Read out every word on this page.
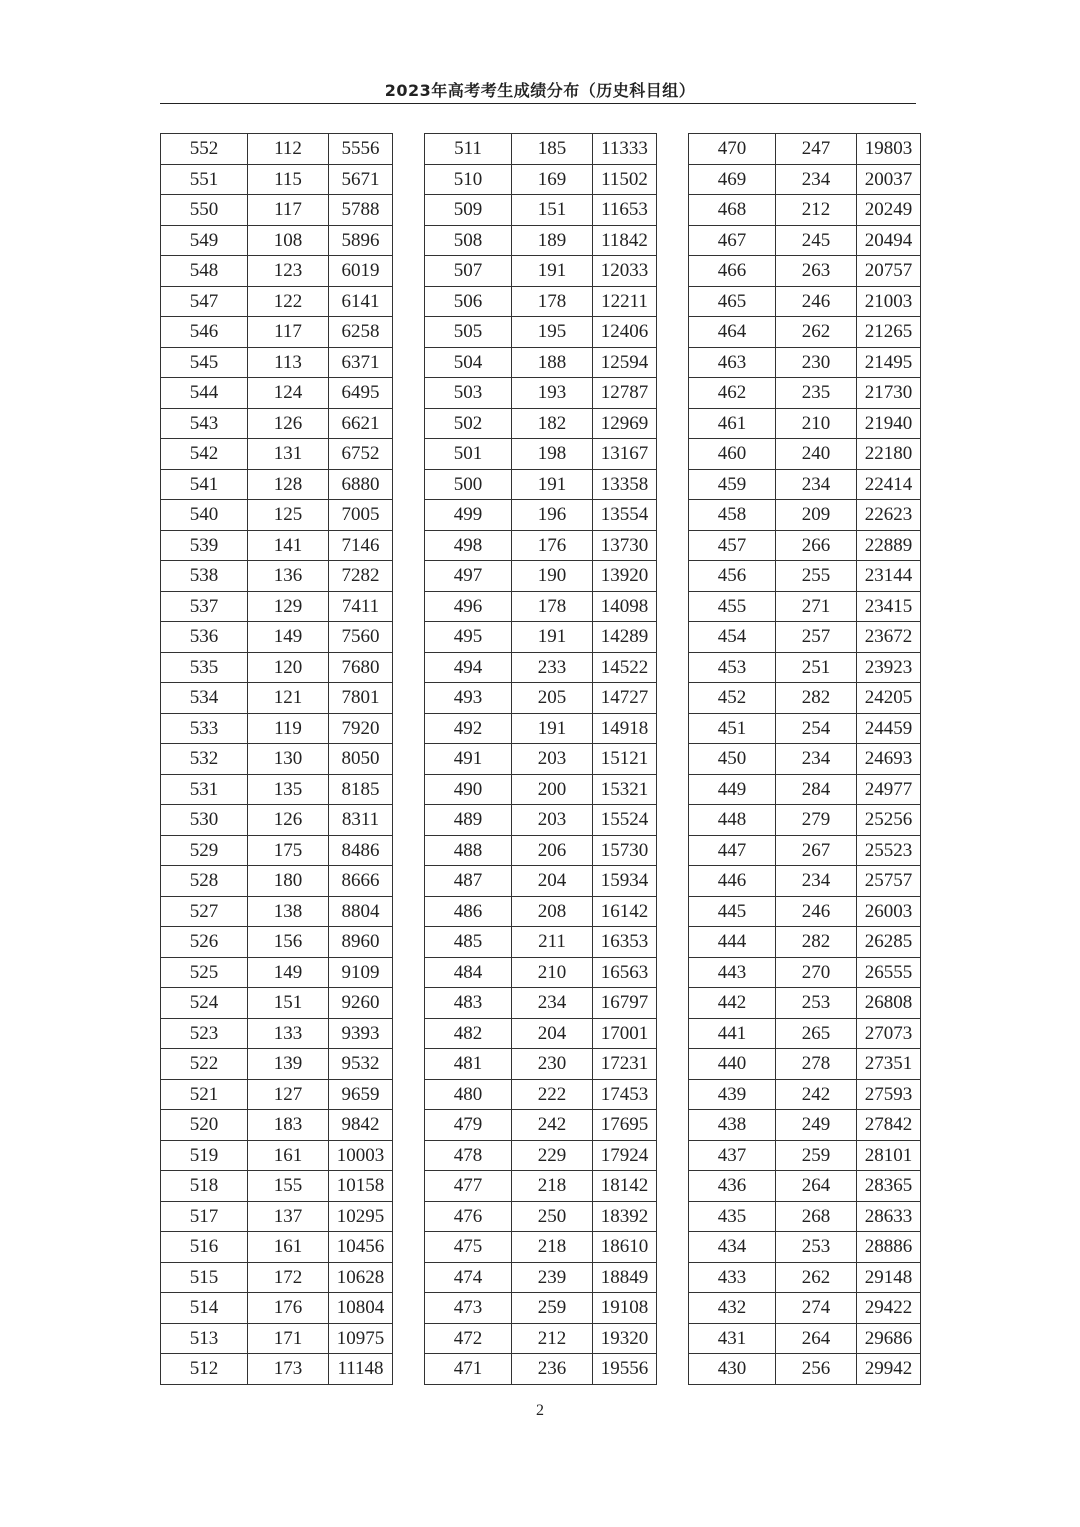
2023年高考考生成绩分布（历史科目组）
552	112	5556
551	115	5671
550	117	5788
549	108	5896
548	123	6019
547	122	6141
546	117	6258
545	113	6371
544	124	6495
543	126	6621
542	131	6752
541	128	6880
540	125	7005
539	141	7146
538	136	7282
537	129	7411
536	149	7560
535	120	7680
534	121	7801
533	119	7920
532	130	8050
531	135	8185
530	126	8311
529	175	8486
528	180	8666
527	138	8804
526	156	8960
525	149	9109
524	151	9260
523	133	9393
522	139	9532
521	127	9659
520	183	9842
519	161	10003
518	155	10158
517	137	10295
516	161	10456
515	172	10628
514	176	10804
513	171	10975
512	173	11148
511	185	11333
510	169	11502
509	151	11653
508	189	11842
507	191	12033
506	178	12211
505	195	12406
504	188	12594
503	193	12787
502	182	12969
501	198	13167
500	191	13358
499	196	13554
498	176	13730
497	190	13920
496	178	14098
495	191	14289
494	233	14522
493	205	14727
492	191	14918
491	203	15121
490	200	15321
489	203	15524
488	206	15730
487	204	15934
486	208	16142
485	211	16353
484	210	16563
483	234	16797
482	204	17001
481	230	17231
480	222	17453
479	242	17695
478	229	17924
477	218	18142
476	250	18392
475	218	18610
474	239	18849
473	259	19108
472	212	19320
471	236	19556
470	247	19803
469	234	20037
468	212	20249
467	245	20494
466	263	20757
465	246	21003
464	262	21265
463	230	21495
462	235	21730
461	210	21940
460	240	22180
459	234	22414
458	209	22623
457	266	22889
456	255	23144
455	271	23415
454	257	23672
453	251	23923
452	282	24205
451	254	24459
450	234	24693
449	284	24977
448	279	25256
447	267	25523
446	234	25757
445	246	26003
444	282	26285
443	270	26555
442	253	26808
441	265	27073
440	278	27351
439	242	27593
438	249	27842
437	259	28101
436	264	28365
435	268	28633
434	253	28886
433	262	29148
432	274	29422
431	264	29686
430	256	29942
2
